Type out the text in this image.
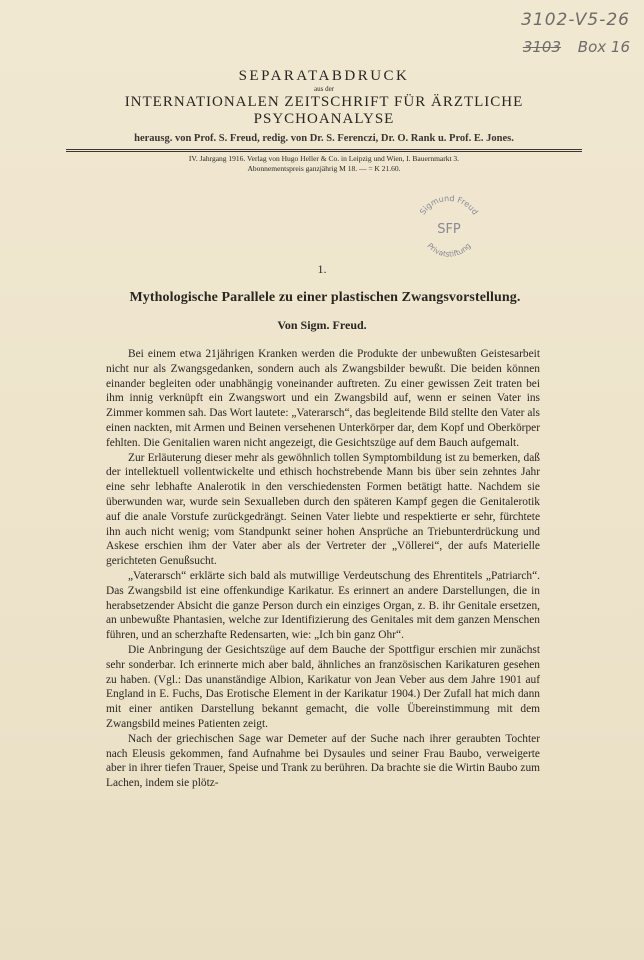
3102-V5-26
3103 Box 16
SEPARATABDRUCK
aus der
INTERNATIONALEN ZEITSCHRIFT FÜR ÄRZTLICHE PSYCHOANALYSE
herausg. von Prof. S. Freud, redig. von Dr. S. Ferenczi, Dr. O. Rank u. Prof. E. Jones.
IV. Jahrgang 1916. Verlag von Hugo Heller & Co. in Leipzig und Wien, I. Bauernmarkt 3.
Abonnementspreis ganzjährig M 18. — = K 21.60.
Sigmund Freud
SFP
Privatstiftung
1.
Mythologische Parallele zu einer plastischen Zwangsvorstellung.
Von Sigm. Freud.

Bei einem etwa 21jährigen Kranken werden die Produkte der unbewußten Geistesarbeit nicht nur als Zwangsgedanken, sondern auch als Zwangsbilder bewußt. Die beiden können einander begleiten oder unabhängig voneinander auftreten. Zu einer gewissen Zeit traten bei ihm innig verknüpft ein Zwangswort und ein Zwangsbild auf, wenn er seinen Vater ins Zimmer kommen sah. Das Wort lautete: „Vaterarsch“, das begleitende Bild stellte den Vater als einen nackten, mit Armen und Beinen versehenen Unterkörper dar, dem Kopf und Oberkörper fehlten. Die Genitalien waren nicht angezeigt, die Gesichtszüge auf dem Bauch aufgemalt.

Zur Erläuterung dieser mehr als gewöhnlich tollen Symptombildung ist zu bemerken, daß der intellektuell vollentwickelte und ethisch hochstrebende Mann bis über sein zehntes Jahr eine sehr lebhafte Analerotik in den verschiedensten Formen betätigt hatte. Nachdem sie überwunden war, wurde sein Sexualleben durch den späteren Kampf gegen die Genitalerotik auf die anale Vorstufe zurückgedrängt. Seinen Vater liebte und respektierte er sehr, fürchtete ihn auch nicht wenig; vom Standpunkt seiner hohen Ansprüche an Triebunterdrückung und Askese erschien ihm der Vater aber als der Vertreter der „Völlerei“, der aufs Materielle gerichteten Genußsucht.

„Vaterarsch“ erklärte sich bald als mutwillige Verdeutschung des Ehrentitels „Patriarch“. Das Zwangsbild ist eine offenkundige Karikatur. Es erinnert an andere Darstellungen, die in herabsetzender Absicht die ganze Person durch ein einziges Organ, z. B. ihr Genitale ersetzen, an unbewußte Phantasien, welche zur Identifizierung des Genitales mit dem ganzen Menschen führen, und an scherzhafte Redensarten, wie: „Ich bin ganz Ohr“.

Die Anbringung der Gesichtszüge auf dem Bauche der Spottfigur erschien mir zunächst sehr sonderbar. Ich erinnerte mich aber bald, ähnliches an französischen Karikaturen gesehen zu haben. (Vgl.: Das unanständige Albion, Karikatur von Jean Veber aus dem Jahre 1901 auf England in E. Fuchs, Das Erotische Element in der Karikatur 1904.) Der Zufall hat mich dann mit einer antiken Darstellung bekannt gemacht, die volle Übereinstimmung mit dem Zwangsbild meines Patienten zeigt.

Nach der griechischen Sage war Demeter auf der Suche nach ihrer geraubten Tochter nach Eleusis gekommen, fand Aufnahme bei Dysaules und seiner Frau Baubo, verweigerte aber in ihrer tiefen Trauer, Speise und Trank zu berühren. Da brachte sie die Wirtin Baubo zum Lachen, indem sie plötz-
